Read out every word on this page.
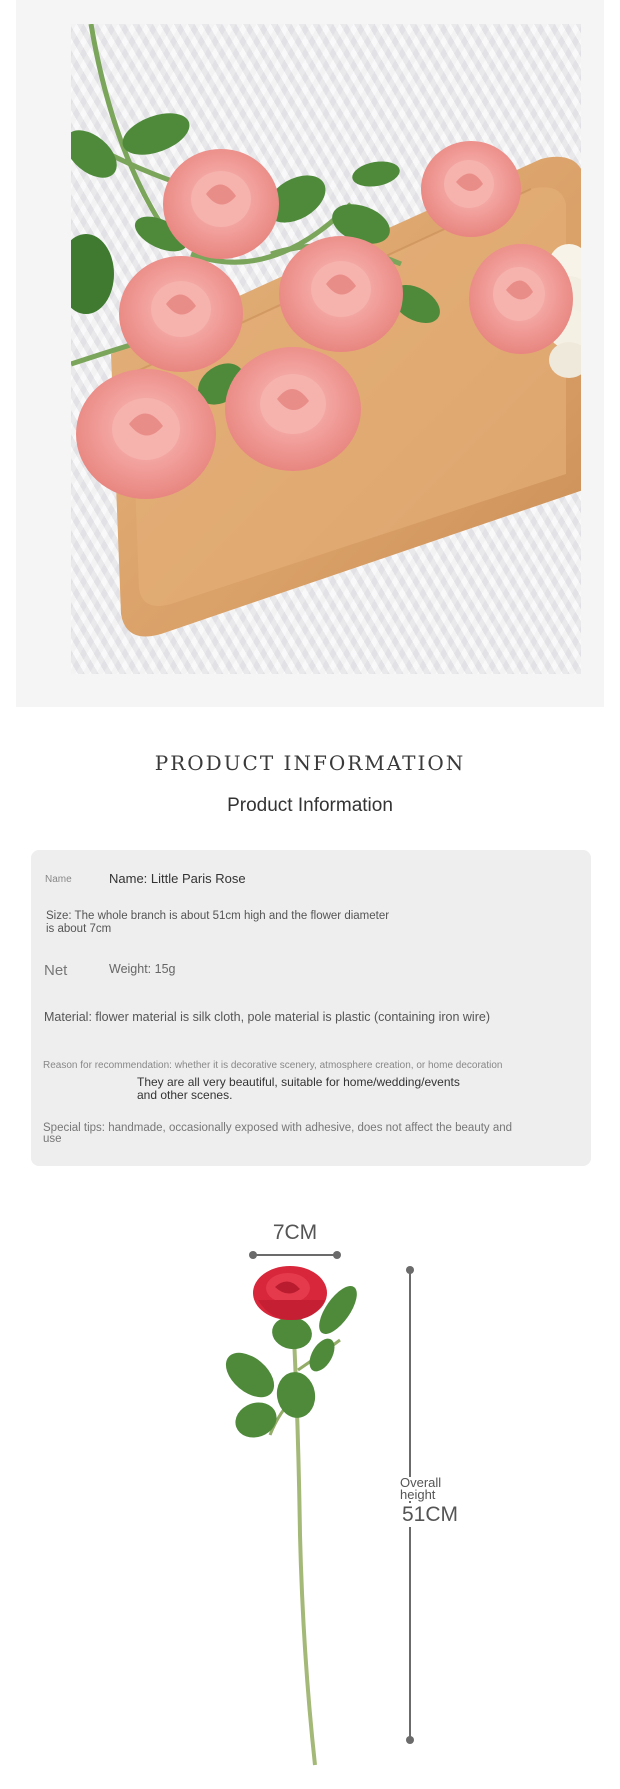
PRODUCT INFORMATION
Product Information
Name	Name: Little Paris Rose
Size: The whole branch is about 51cm high and the flower diameter is about 7cm
Net	Weight: 15g
Material: flower material is silk cloth, pole material is plastic (containing iron wire)
Reason for recommendation: whether it is decorative scenery, atmosphere creation, or home decoration
They are all very beautiful, suitable for home/wedding/events and other scenes.
Special tips: handmade, occasionally exposed with adhesive, does not affect the beauty and use
7CM
Overall height
51CM
